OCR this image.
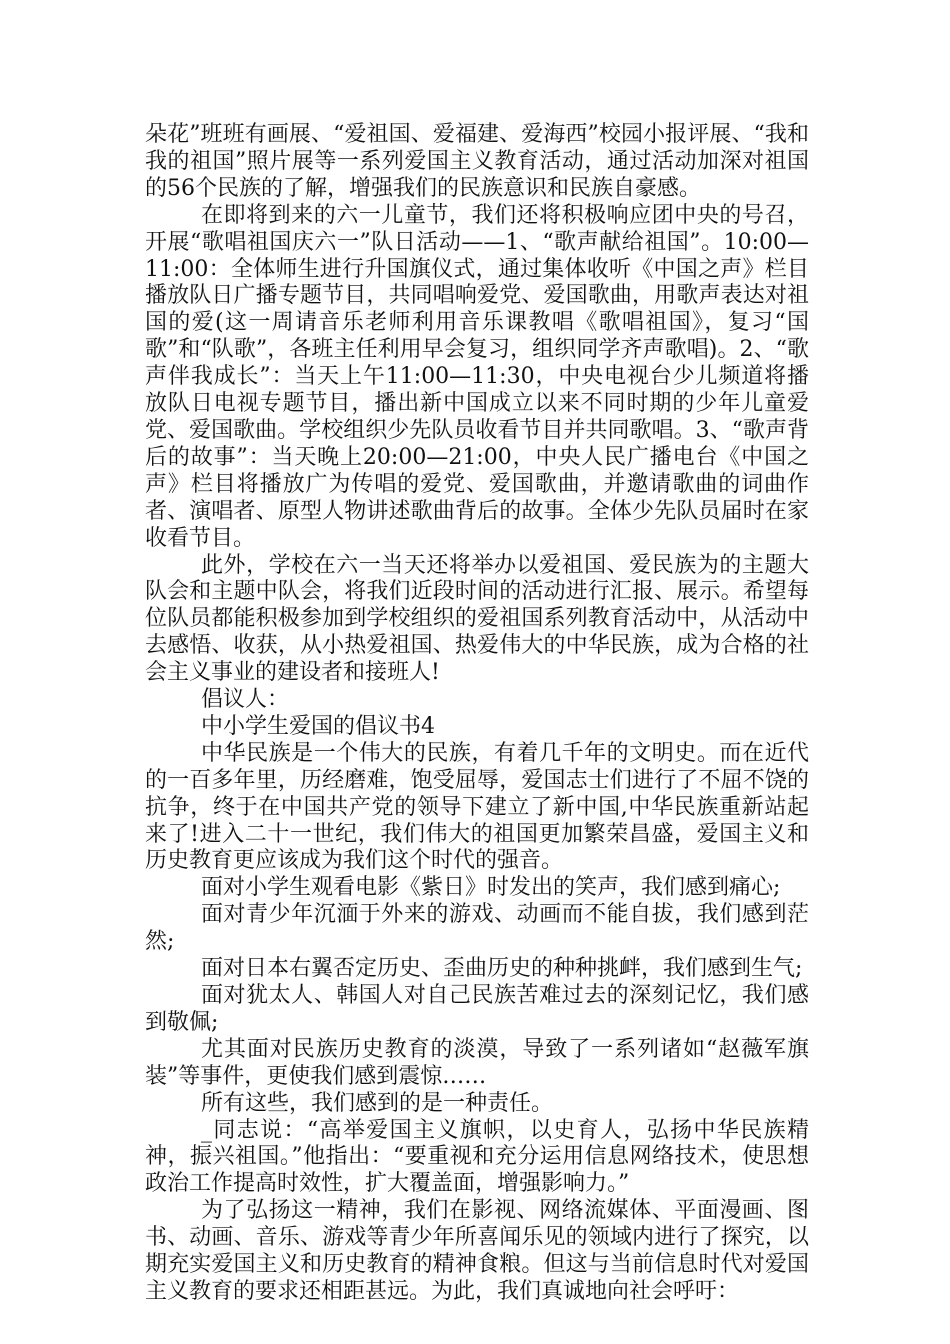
朵花”班班有画展、“爱祖国、爱福建、爱海西”校园小报评展、“我和我的祖国”照片展等一系列爱国主义教育活动，通过活动加深对祖国的56个民族的了解，增强我们的民族意识和民族自豪感。

在即将到来的六一儿童节，我们还将积极响应团中央的号召，开展“歌唱祖国庆六一”队日活动——1、“歌声献给祖国”。10:00—11:00：全体师生进行升国旗仪式，通过集体收听《中国之声》栏目播放队日广播专题节目，共同唱响爱党、爱国歌曲，用歌声表达对祖国的爱(这一周请音乐老师利用音乐课教唱《歌唱祖国》，复习“国歌”和“队歌”，各班主任利用早会复习，组织同学齐声歌唱)。2、“歌声伴我成长”：当天上午11:00—11:30，中央电视台少儿频道将播放队日电视专题节目，播出新中国成立以来不同时期的少年儿童爱党、爱国歌曲。学校组织少先队员收看节目并共同歌唱。3、“歌声背后的故事”：当天晚上20:00—21:00，中央人民广播电台《中国之声》栏目将播放广为传唱的爱党、爱国歌曲，并邀请歌曲的词曲作者、演唱者、原型人物讲述歌曲背后的故事。全体少先队员届时在家收看节目。

此外，学校在六一当天还将举办以爱祖国、爱民族为的主题大队会和主题中队会，将我们近段时间的活动进行汇报、展示。希望每位队员都能积极参加到学校组织的爱祖国系列教育活动中，从活动中去感悟、收获，从小热爱祖国、热爱伟大的中华民族，成为合格的社会主义事业的建设者和接班人!

倡议人：

中小学生爱国的倡议书4

中华民族是一个伟大的民族，有着几千年的文明史。而在近代的一百多年里，历经磨难，饱受屈辱，爱国志士们进行了不屈不饶的抗争，终于在中国共产党的领导下建立了新中国,中华民族重新站起来了!进入二十一世纪，我们伟大的祖国更加繁荣昌盛，爱国主义和历史教育更应该成为我们这个时代的强音。

面对小学生观看电影《紫日》时发出的笑声，我们感到痛心;

面对青少年沉湎于外来的游戏、动画而不能自拔，我们感到茫然;

面对日本右翼否定历史、歪曲历史的种种挑衅，我们感到生气;

面对犹太人、韩国人对自己民族苦难过去的深刻记忆，我们感到敬佩;

尤其面对民族历史教育的淡漠，导致了一系列诸如“赵薇军旗装”等事件，更使我们感到震惊……

所有这些，我们感到的是一种责任。

_同志说：“高举爱国主义旗帜，以史育人，弘扬中华民族精神，振兴祖国。”他指出：“要重视和充分运用信息网络技术，使思想政治工作提高时效性，扩大覆盖面，增强影响力。”

为了弘扬这一精神，我们在影视、网络流媒体、平面漫画、图书、动画、音乐、游戏等青少年所喜闻乐见的领域内进行了探究，以期充实爱国主义和历史教育的精神食粮。但这与当前信息时代对爱国主义教育的要求还相距甚远。为此，我们真诚地向社会呼吁：
